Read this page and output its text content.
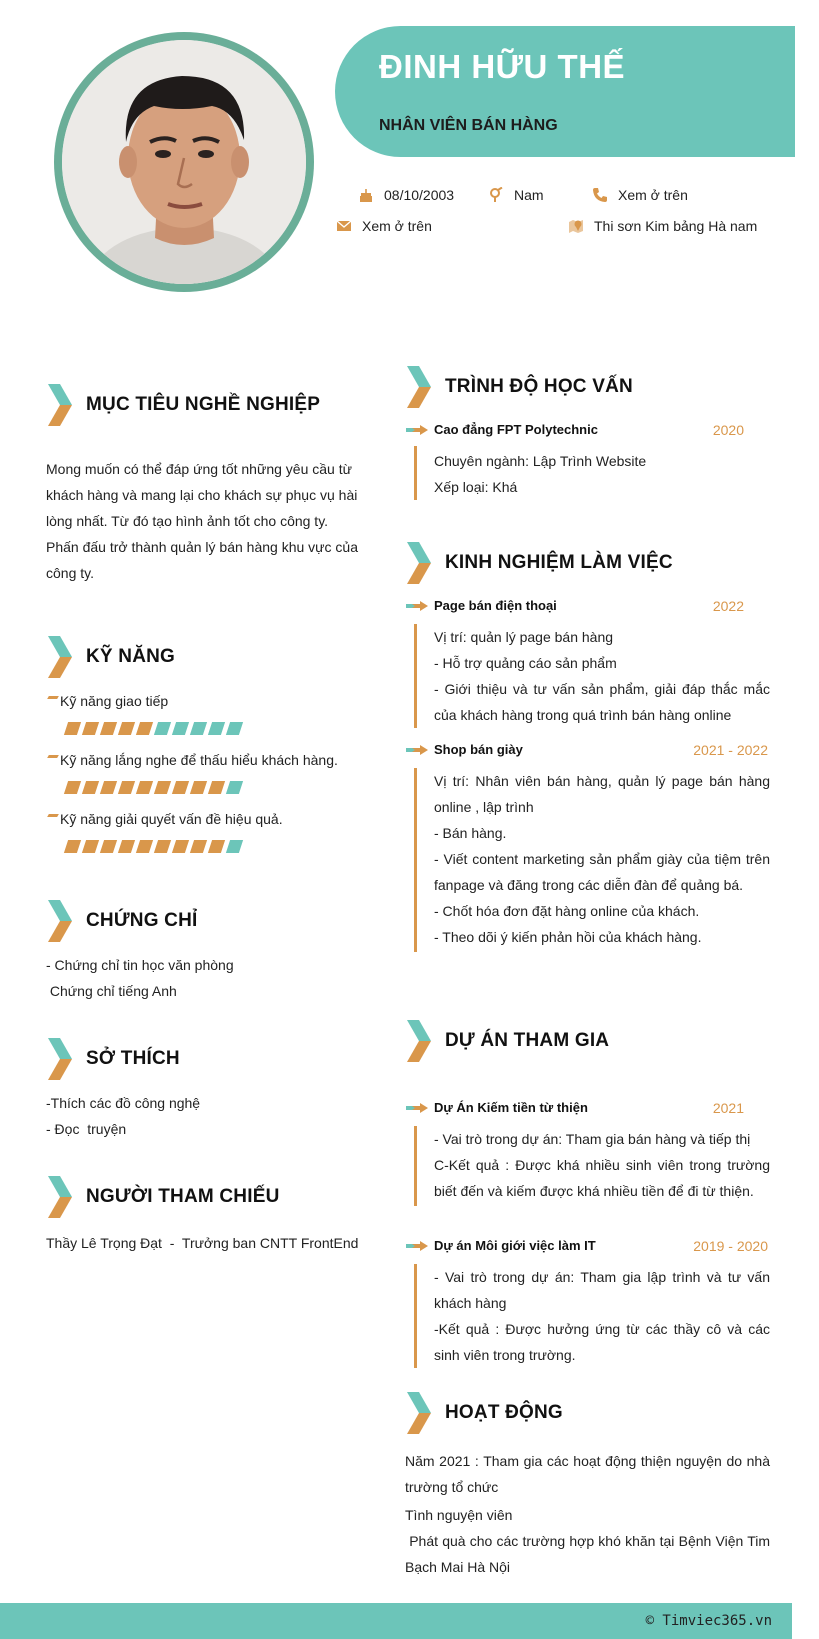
ĐINH HỮU THẾ
NHÂN VIÊN BÁN HÀNG
08/10/2003	Nam	Xem ở trên
Xem ở trên	Thi sơn Kim bảng Hà nam
MỤC TIÊU NGHỀ NGHIỆP
Mong muốn có thể đáp ứng tốt những yêu cầu từ khách hàng và mang lại cho khách sự phục vụ hài lòng nhất. Từ đó tạo hình ảnh tốt cho công ty. Phấn đấu trở thành quản lý bán hàng khu vực của công ty.
KỸ NĂNG
Kỹ năng giao tiếp
Kỹ năng lắng nghe để thấu hiểu khách hàng.
Kỹ năng giải quyết vấn đề hiệu quả.
CHỨNG CHỈ
- Chứng chỉ tin học văn phòng
Chứng chỉ tiếng Anh
SỞ THÍCH
-Thích các đồ công nghệ
- Đọc  truyện
NGƯỜI THAM CHIẾU
Thầy Lê Trọng Đạt  -  Trưởng ban CNTT FrontEnd
TRÌNH ĐỘ HỌC VẤN
Cao đẳng FPT Polytechnic	2020
Chuyên ngành: Lập Trình Website
Xếp loại: Khá
KINH NGHIỆM LÀM VIỆC
Page bán điện thoại	2022
Vị trí: quản lý page bán hàng
- Hỗ trợ quảng cáo sản phẩm
- Giới thiệu và tư vấn sản phẩm, giải đáp thắc mắc của khách hàng trong quá trình bán hàng online
Shop bán giày	2021 - 2022
Vị trí: Nhân viên bán hàng, quản lý page bán hàng online , lập trình
- Bán hàng.
- Viết content marketing sản phẩm giày của tiệm trên fanpage và đăng trong các diễn đàn để quảng bá.
- Chốt hóa đơn đặt hàng online của khách.
- Theo dõi ý kiến phản hồi của khách hàng.
DỰ ÁN THAM GIA
Dự Án Kiếm tiền từ thiện	2021
- Vai trò trong dự án: Tham gia bán hàng và tiếp thị
C-Kết quả : Được khá nhiều sinh viên trong trường biết đến và kiếm được khá nhiều tiền để đi từ thiện.
Dự án Môi giới việc làm IT	2019 - 2020
- Vai trò trong dự án: Tham gia lập trình và tư vấn khách hàng
-Kết quả : Được hưởng ứng từ các thầy cô và các sinh viên trong trường.
HOẠT ĐỘNG
Năm 2021 : Tham gia các hoạt động thiện nguyện do nhà trường tổ chức
Tình nguyện viên
Phát quà cho các trường hợp khó khăn tại Bệnh Viện Tim Bạch Mai Hà Nội
© Timviec365.vn
